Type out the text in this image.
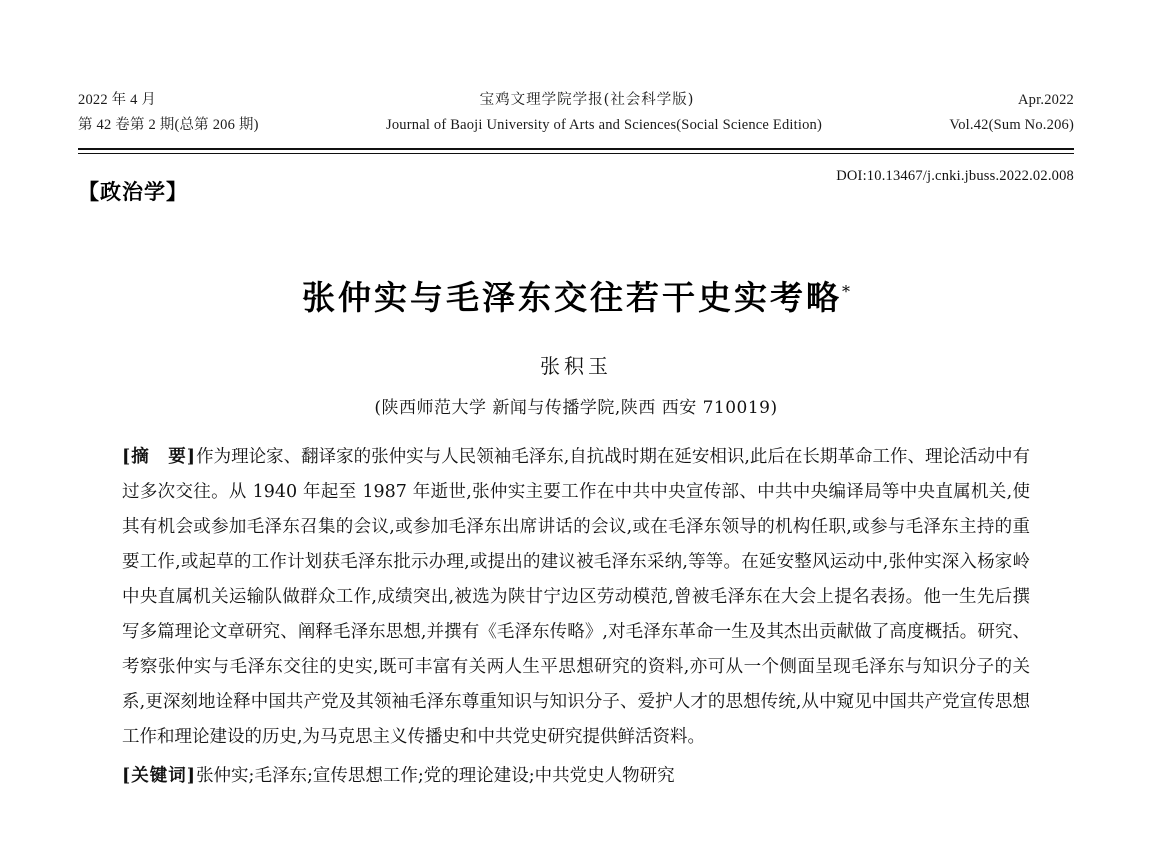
2022 年 4 月	宝鸡文理学院学报(社会科学版)	Apr.2022
第 42 卷第 2 期(总第 206 期)	Journal of Baoji University of Arts and Sciences(Social Science Edition)	Vol.42(Sum No.206)
【政治学】
DOI:10.13467/j.cnki.jbuss.2022.02.008
张仲实与毛泽东交往若干史实考略*
张积玉
(陕西师范大学 新闻与传播学院,陕西 西安 710019)
[摘　要]作为理论家、翻译家的张仲实与人民领袖毛泽东,自抗战时期在延安相识,此后在长期革命工作、理论活动中有过多次交往。从 1940 年起至 1987 年逝世,张仲实主要工作在中共中央宣传部、中共中央编译局等中央直属机关,使其有机会或参加毛泽东召集的会议,或参加毛泽东出席讲话的会议,或在毛泽东领导的机构任职,或参与毛泽东主持的重要工作,或起草的工作计划获毛泽东批示办理,或提出的建议被毛泽东采纳,等等。在延安整风运动中,张仲实深入杨家岭中央直属机关运输队做群众工作,成绩突出,被选为陕甘宁边区劳动模范,曾被毛泽东在大会上提名表扬。他一生先后撰写多篇理论文章研究、阐释毛泽东思想,并撰有《毛泽东传略》,对毛泽东革命一生及其杰出贡献做了高度概括。研究、考察张仲实与毛泽东交往的史实,既可丰富有关两人生平思想研究的资料,亦可从一个侧面呈现毛泽东与知识分子的关系,更深刻地诠释中国共产党及其领袖毛泽东尊重知识与知识分子、爱护人才的思想传统,从中窥见中国共产党宣传思想工作和理论建设的历史,为马克思主义传播史和中共党史研究提供鲜活资料。
[关键词]张仲实;毛泽东;宣传思想工作;党的理论建设;中共党史人物研究
